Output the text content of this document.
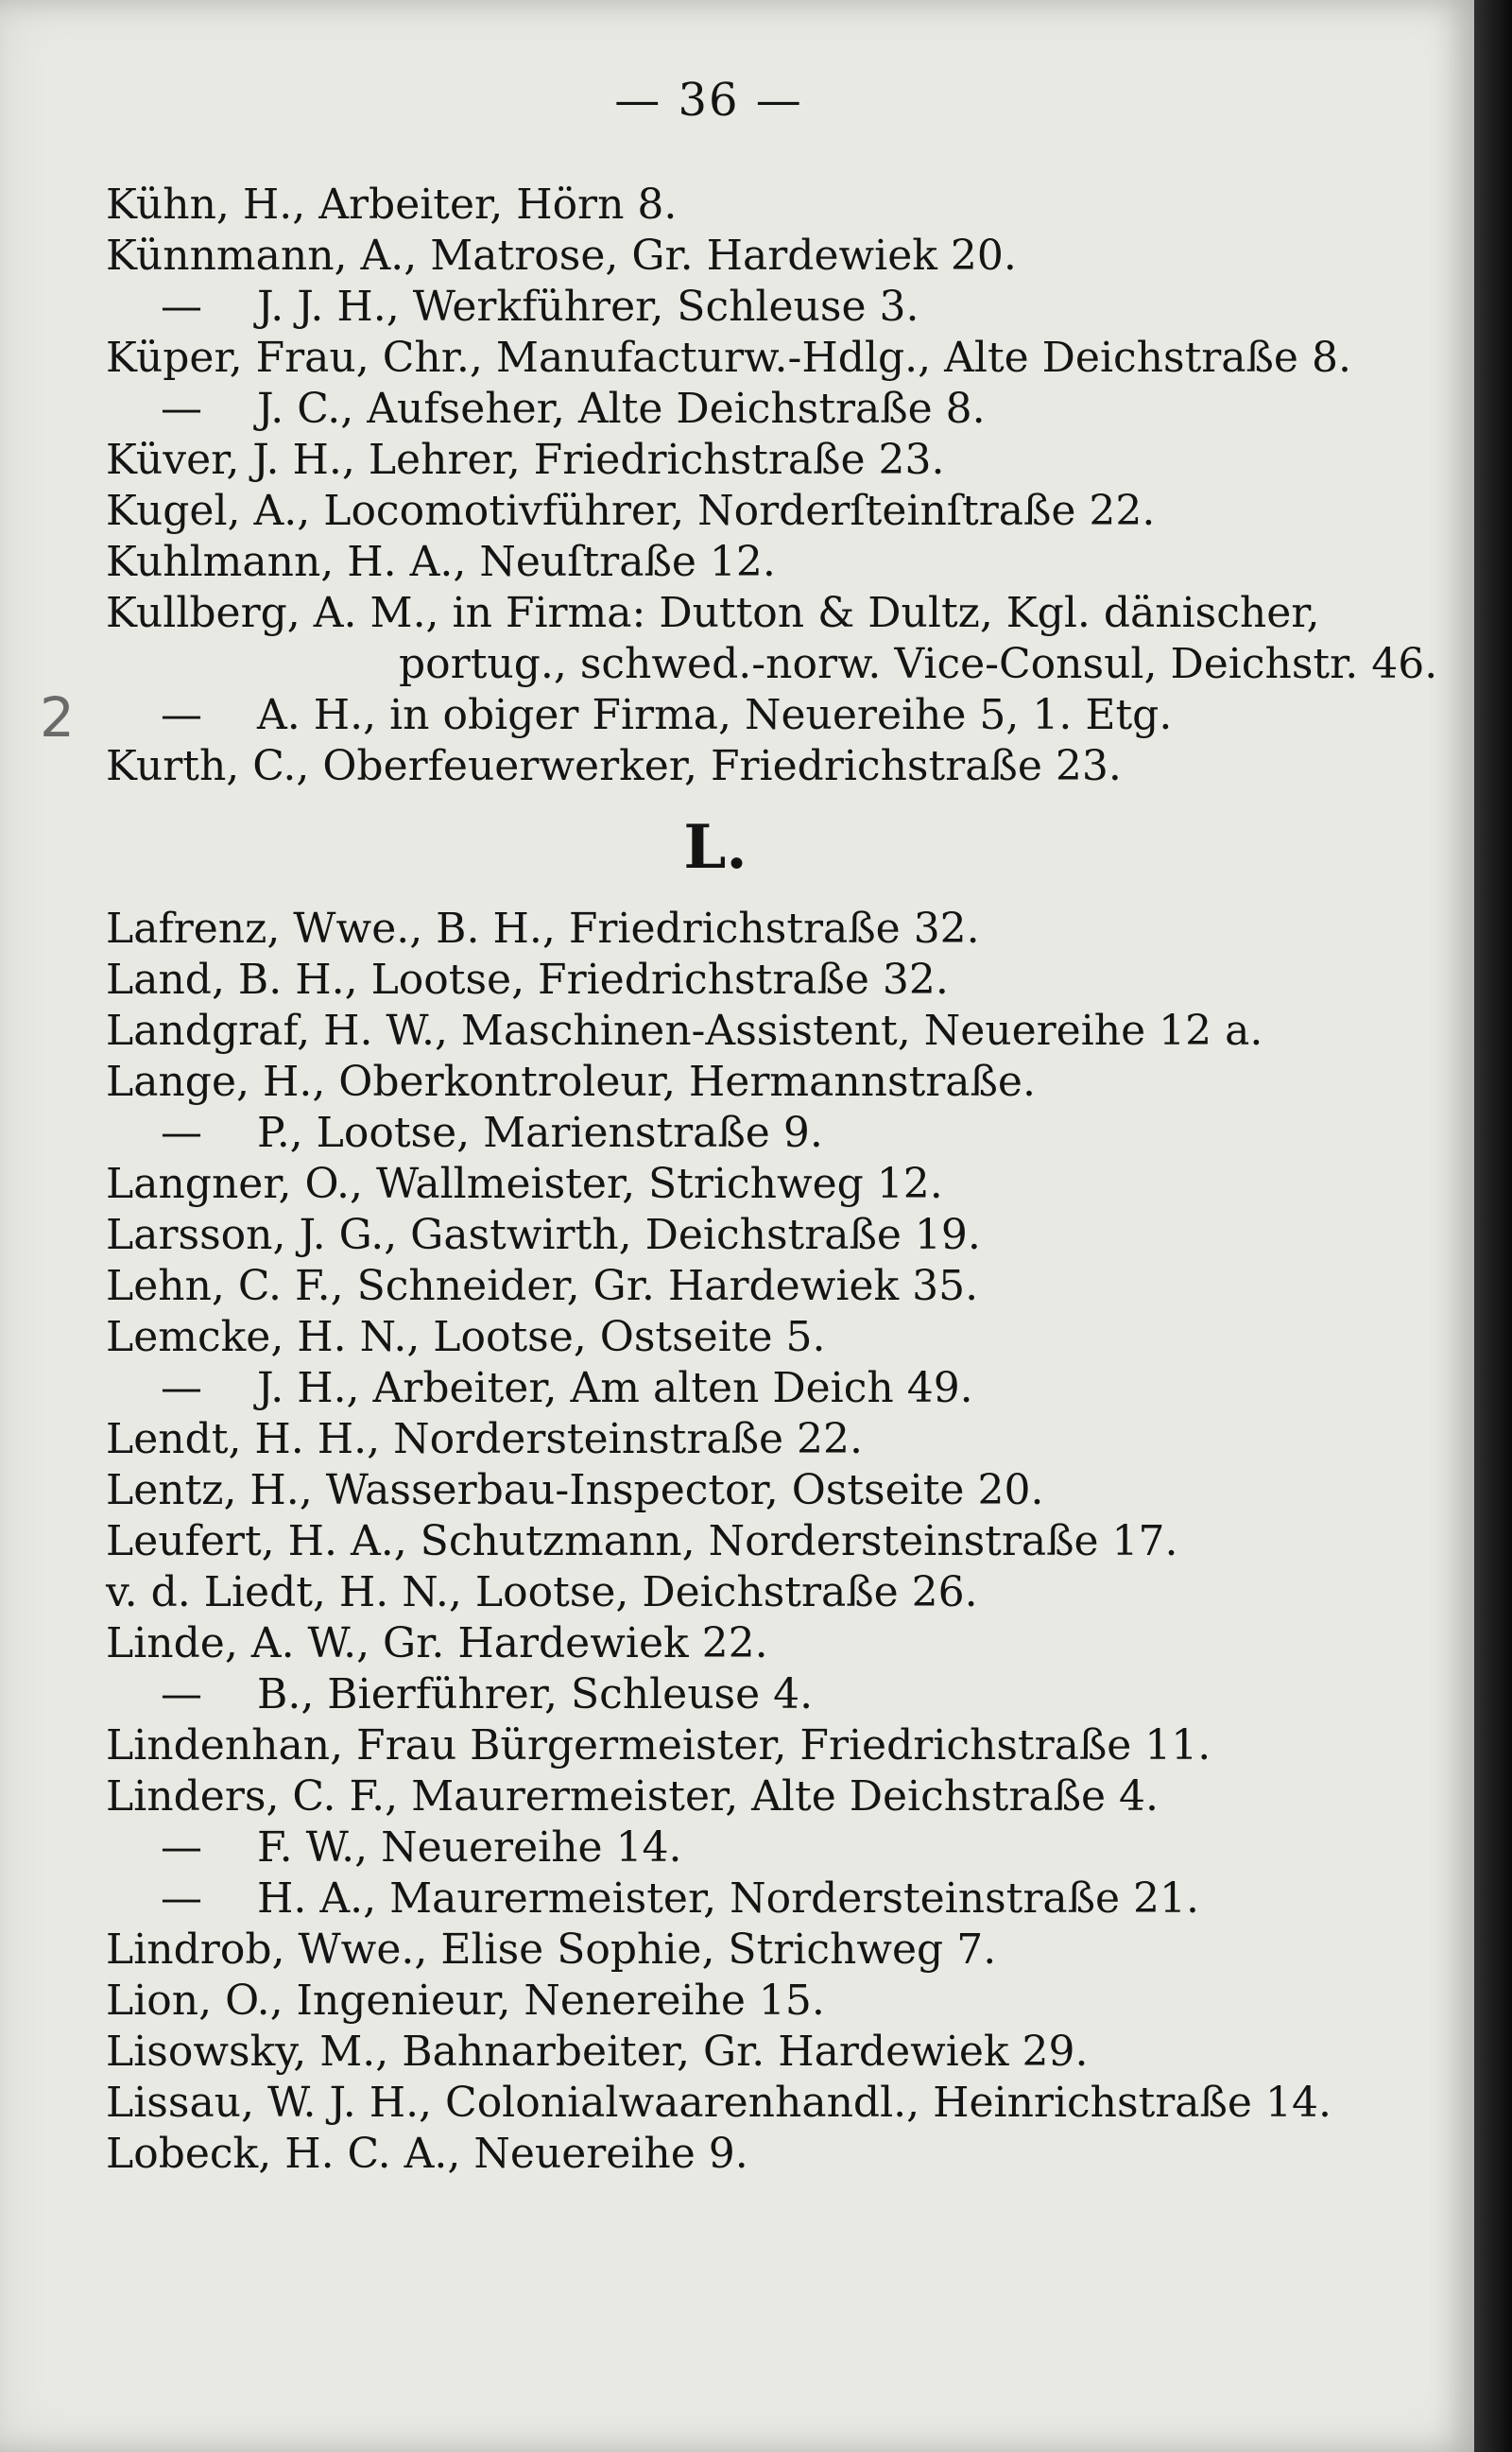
— 36 —
2
Kühn, H., Arbeiter, Hörn 8.
Künnmann, A., Matrose, Gr. Hardewiek 20.
— J. J. H., Werkführer, Schleuse 3.
Küper, Frau, Chr., Manufacturw.-Hdlg., Alte Deichstraße 8.
— J. C., Aufseher, Alte Deichstraße 8.
Küver, J. H., Lehrer, Friedrichstraße 23.
Kugel, A., Locomotivführer, Norderſteinſtraße 22.
Kuhlmann, H. A., Neuſtraße 12.
Kullberg, A. M., in Firma: Dutton & Dultz, Kgl. dänischer,
portug., schwed.-norw. Vice-Consul, Deichstr. 46.
— A. H., in obiger Firma, Neuereihe 5, 1. Etg.
Kurth, C., Oberfeuerwerker, Friedrichstraße 23.
L.
Lafrenz, Wwe., B. H., Friedrichstraße 32.
Land, B. H., Lootse, Friedrichstraße 32.
Landgraf, H. W., Maschinen-Assistent, Neuereihe 12 a.
Lange, H., Oberkontroleur, Hermannstraße.
— P., Lootse, Marienstraße 9.
Langner, O., Wallmeister, Strichweg 12.
Larsson, J. G., Gastwirth, Deichstraße 19.
Lehn, C. F., Schneider, Gr. Hardewiek 35.
Lemcke, H. N., Lootse, Ostseite 5.
— J. H., Arbeiter, Am alten Deich 49.
Lendt, H. H., Nordersteinstraße 22.
Lentz, H., Wasserbau-Inspector, Ostseite 20.
Leufert, H. A., Schutzmann, Nordersteinstraße 17.
v. d. Liedt, H. N., Lootse, Deichstraße 26.
Linde, A. W., Gr. Hardewiek 22.
— B., Bierführer, Schleuse 4.
Lindenhan, Frau Bürgermeister, Friedrichstraße 11.
Linders, C. F., Maurermeister, Alte Deichstraße 4.
— F. W., Neuereihe 14.
— H. A., Maurermeister, Nordersteinstraße 21.
Lindrob, Wwe., Elise Sophie, Strichweg 7.
Lion, O., Ingenieur, Nenereihe 15.
Lisowsky, M., Bahnarbeiter, Gr. Hardewiek 29.
Lissau, W. J. H., Colonialwaarenhandl., Heinrichstraße 14.
Lobeck, H. C. A., Neuereihe 9.
